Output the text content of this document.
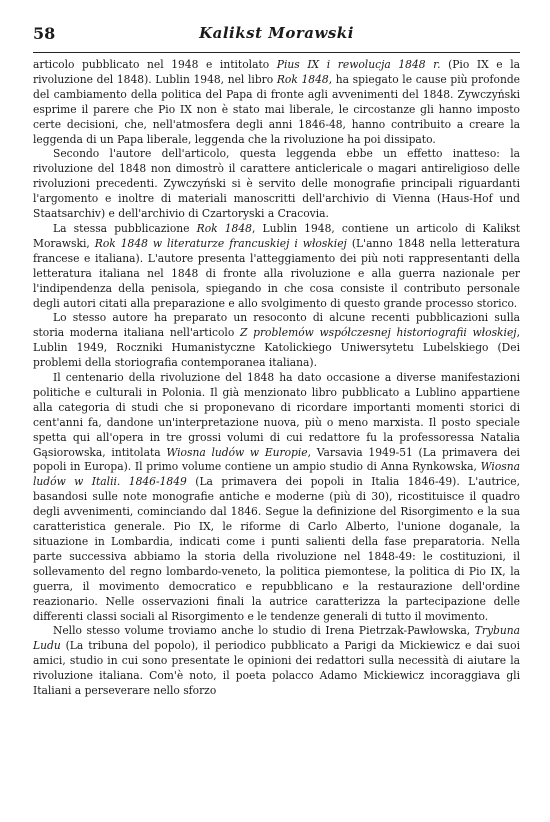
58	Kalikst Morawski

articolo pubblicato nel 1948 e intitolato Pius IX i rewolucja 1848 r. (Pio IX e la rivoluzione del 1848). Lublin 1948, nel libro Rok 1848, ha spiegato le cause più profonde del cambiamento della politica del Papa di fronte agli avvenimenti del 1848. Zywczyński esprime il parere che Pio IX non è stato mai liberale, le circostanze gli hanno imposto certe decisioni, che, nell'atmosfera degli anni 1846-48, hanno contribuito a creare la leggenda di un Papa liberale, leggenda che la rivoluzione ha poi dissipato.

Secondo l'autore dell'articolo, questa leggenda ebbe un effetto inatteso: la rivoluzione del 1848 non dimostrò il carattere anticlericale o magari antireligioso delle rivoluzioni precedenti. Zywczyński si è servito delle monografie principali riguardanti l'argomento e inoltre di materiali manoscritti dell'archivio di Vienna (Haus-Hof und Staatsarchiv) e dell'archivio di Czartoryski a Cracovia.

La stessa pubblicazione Rok 1848, Lublin 1948, contiene un articolo di Kalikst Morawski, Rok 1848 w literaturze francuskiej i włoskiej (L'anno 1848 nella letteratura francese e italiana). L'autore presenta l'atteggiamento dei più noti rappresentanti della letteratura italiana nel 1848 di fronte alla rivoluzione e alla guerra nazionale per l'indipendenza della penisola, spiegando in che cosa consiste il contributo personale degli autori citati alla preparazione e allo svolgimento di questo grande processo storico.

Lo stesso autore ha preparato un resoconto di alcune recenti pubblicazioni sulla storia moderna italiana nell'articolo Z problemów współczesnej historiografii włoskiej, Lublin 1949, Roczniki Humanistyczne Katolickiego Uniwersytetu Lubelskiego (Dei problemi della storiografia contemporanea italiana).

Il centenario della rivoluzione del 1848 ha dato occasione a diverse manifestazioni politiche e culturali in Polonia. Il già menzionato libro pubblicato a Lublino appartiene alla categoria di studi che si proponevano di ricordare importanti momenti storici di cent'anni fa, dandone un'interpretazione nuova, più o meno marxista. Il posto speciale spetta qui all'opera in tre grossi volumi di cui redattore fu la professoressa Natalia Gąsiorowska, intitolata Wiosna ludów w Europie, Varsavia 1949-51 (La primavera dei popoli in Europa). Il primo volume contiene un ampio studio di Anna Rynkowska, Wiosna ludów w Italii. 1846-1849 (La primavera dei popoli in Italia 1846-49). L'autrice, basandosi sulle note monografie antiche e moderne (più di 30), ricostituisce il quadro degli avvenimenti, cominciando dal 1846. Segue la definizione del Risorgimento e la sua caratteristica generale. Pio IX, le riforme di Carlo Alberto, l'unione doganale, la situazione in Lombardia, indicati come i punti salienti della fase preparatoria. Nella parte successiva abbiamo la storia della rivoluzione nel 1848-49: le costituzioni, il sollevamento del regno lombardo-veneto, la politica piemontese, la politica di Pio IX, la guerra, il movimento democratico e repubblicano e la restaurazione dell'ordine reazionario. Nelle osservazioni finali la autrice caratterizza la partecipazione delle differenti classi sociali al Risorgimento e le tendenze generali di tutto il movimento.

Nello stesso volume troviamo anche lo studio di Irena Pietrzak-Pawłowska, Trybuna Ludu (La tribuna del popolo), il periodico pubblicato a Parigi da Mickiewicz e dai suoi amici, studio in cui sono presentate le opinioni dei redattori sulla necessità di aiutare la rivoluzione italiana. Com'è noto, il poeta polacco Adamo Mickiewicz incoraggiava gli Italiani a perseverare nello sforzo
